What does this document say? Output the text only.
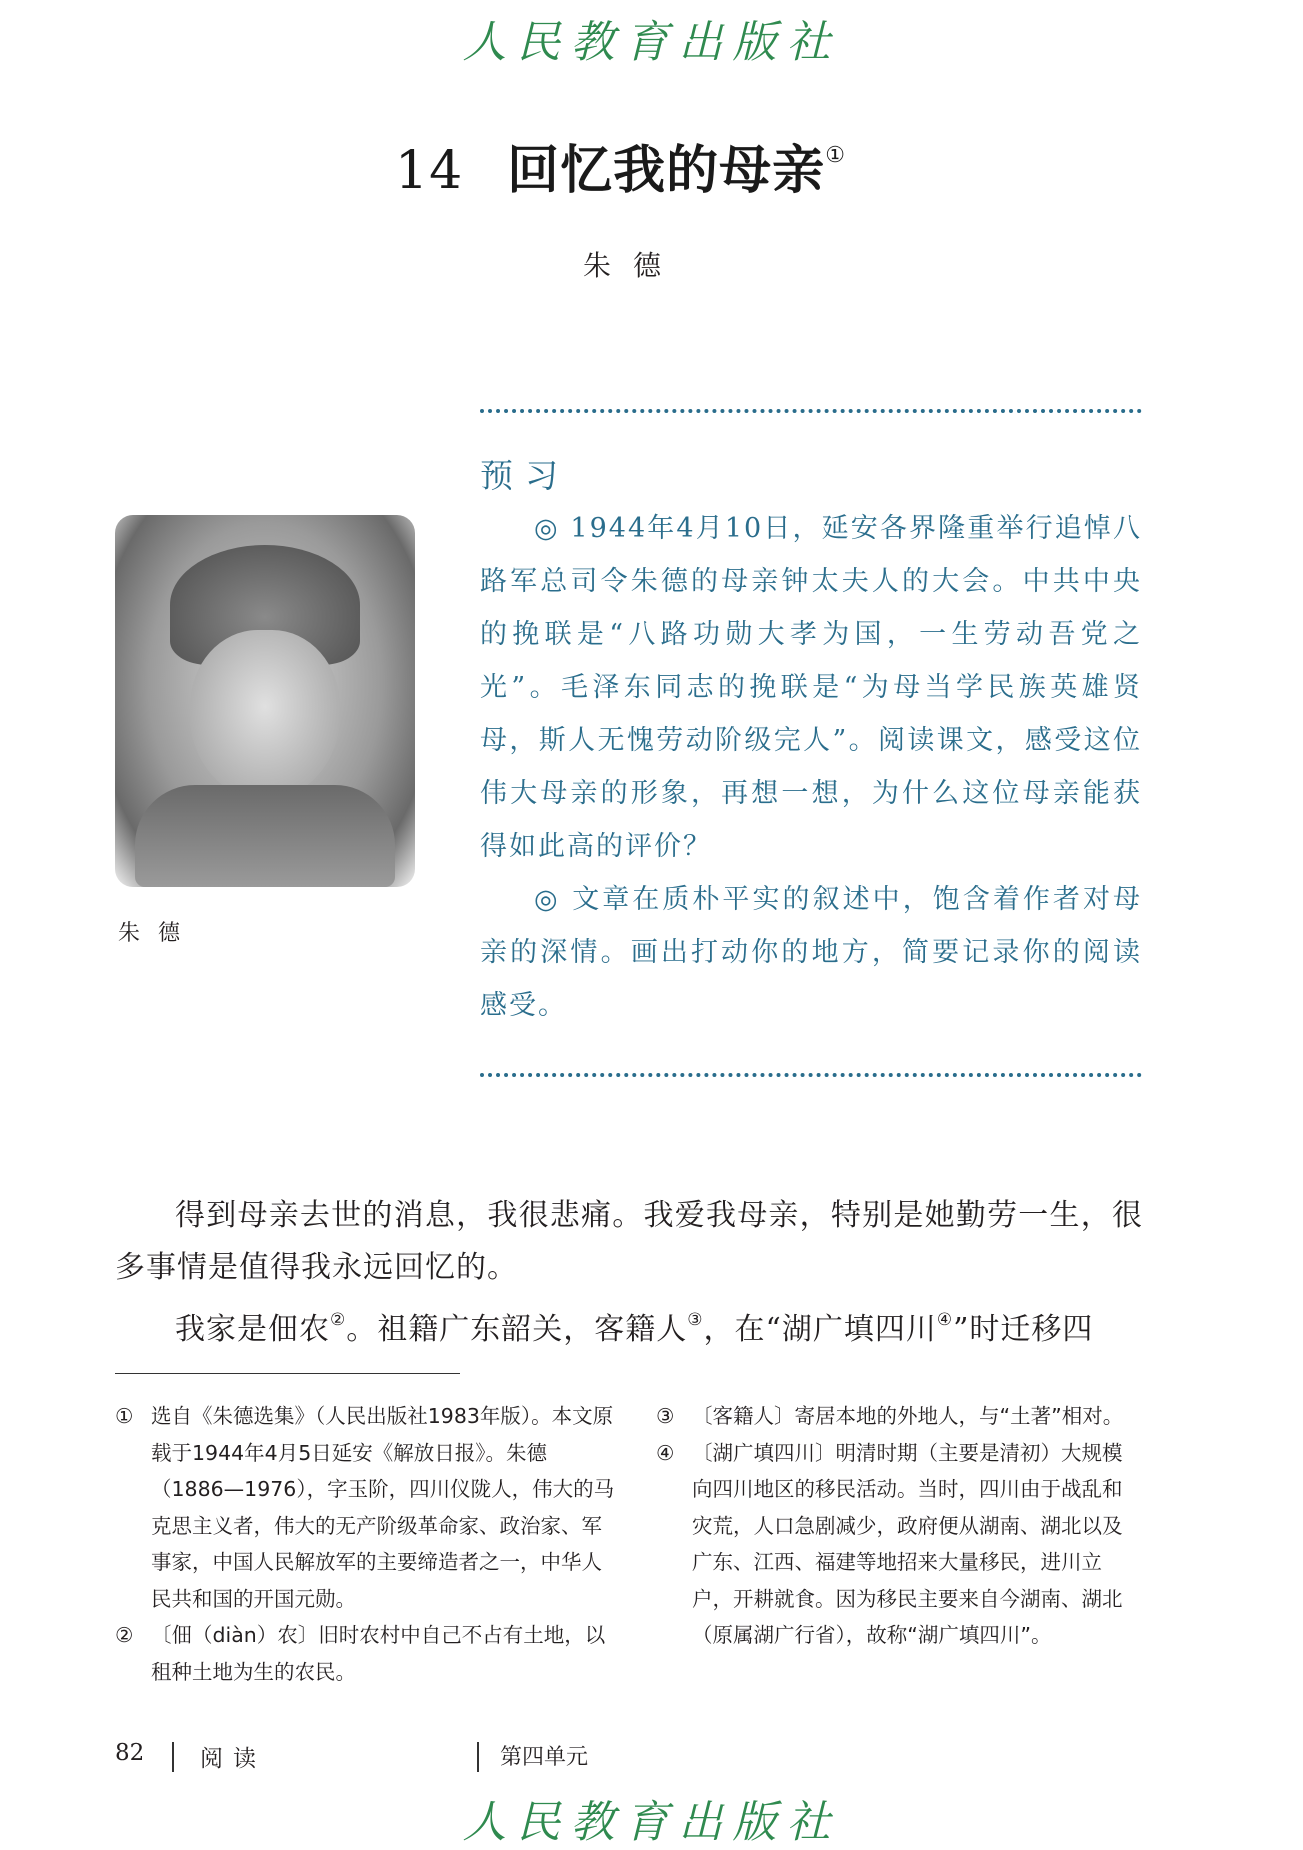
人民教育出版社
14 回忆我的母亲①
朱德
预习

◎ 1944年4月10日，延安各界隆重举行追悼八路军总司令朱德的母亲钟太夫人的大会。中共中央的挽联是“八路功勋大孝为国，一生劳动吾党之光”。毛泽东同志的挽联是“为母当学民族英雄贤母，斯人无愧劳动阶级完人”。阅读课文，感受这位伟大母亲的形象，再想一想，为什么这位母亲能获得如此高的评价？

◎ 文章在质朴平实的叙述中，饱含着作者对母亲的深情。画出打动你的地方，简要记录你的阅读感受。

朱德

得到母亲去世的消息，我很悲痛。我爱我母亲，特别是她勤劳一生，很多事情是值得我永远回忆的。

我家是佃农②。祖籍广东韶关，客籍人③，在“湖广填四川④”时迁移四

① 选自《朱德选集》（人民出版社1983年版）。本文原载于1944年4月5日延安《解放日报》。朱德（1886—1976），字玉阶，四川仪陇人，伟大的马克思主义者，伟大的无产阶级革命家、政治家、军事家，中国人民解放军的主要缔造者之一，中华人民共和国的开国元勋。
② 〔佃（diàn）农〕旧时农村中自己不占有土地，以租种土地为生的农民。
③ 〔客籍人〕寄居本地的外地人，与“土著”相对。
④ 〔湖广填四川〕明清时期（主要是清初）大规模向四川地区的移民活动。当时，四川由于战乱和灾荒，人口急剧减少，政府便从湖南、湖北以及广东、江西、福建等地招来大量移民，进川立户，开耕就食。因为移民主要来自今湖南、湖北（原属湖广行省），故称“湖广填四川”。
82 阅读	第四单元
人民教育出版社
